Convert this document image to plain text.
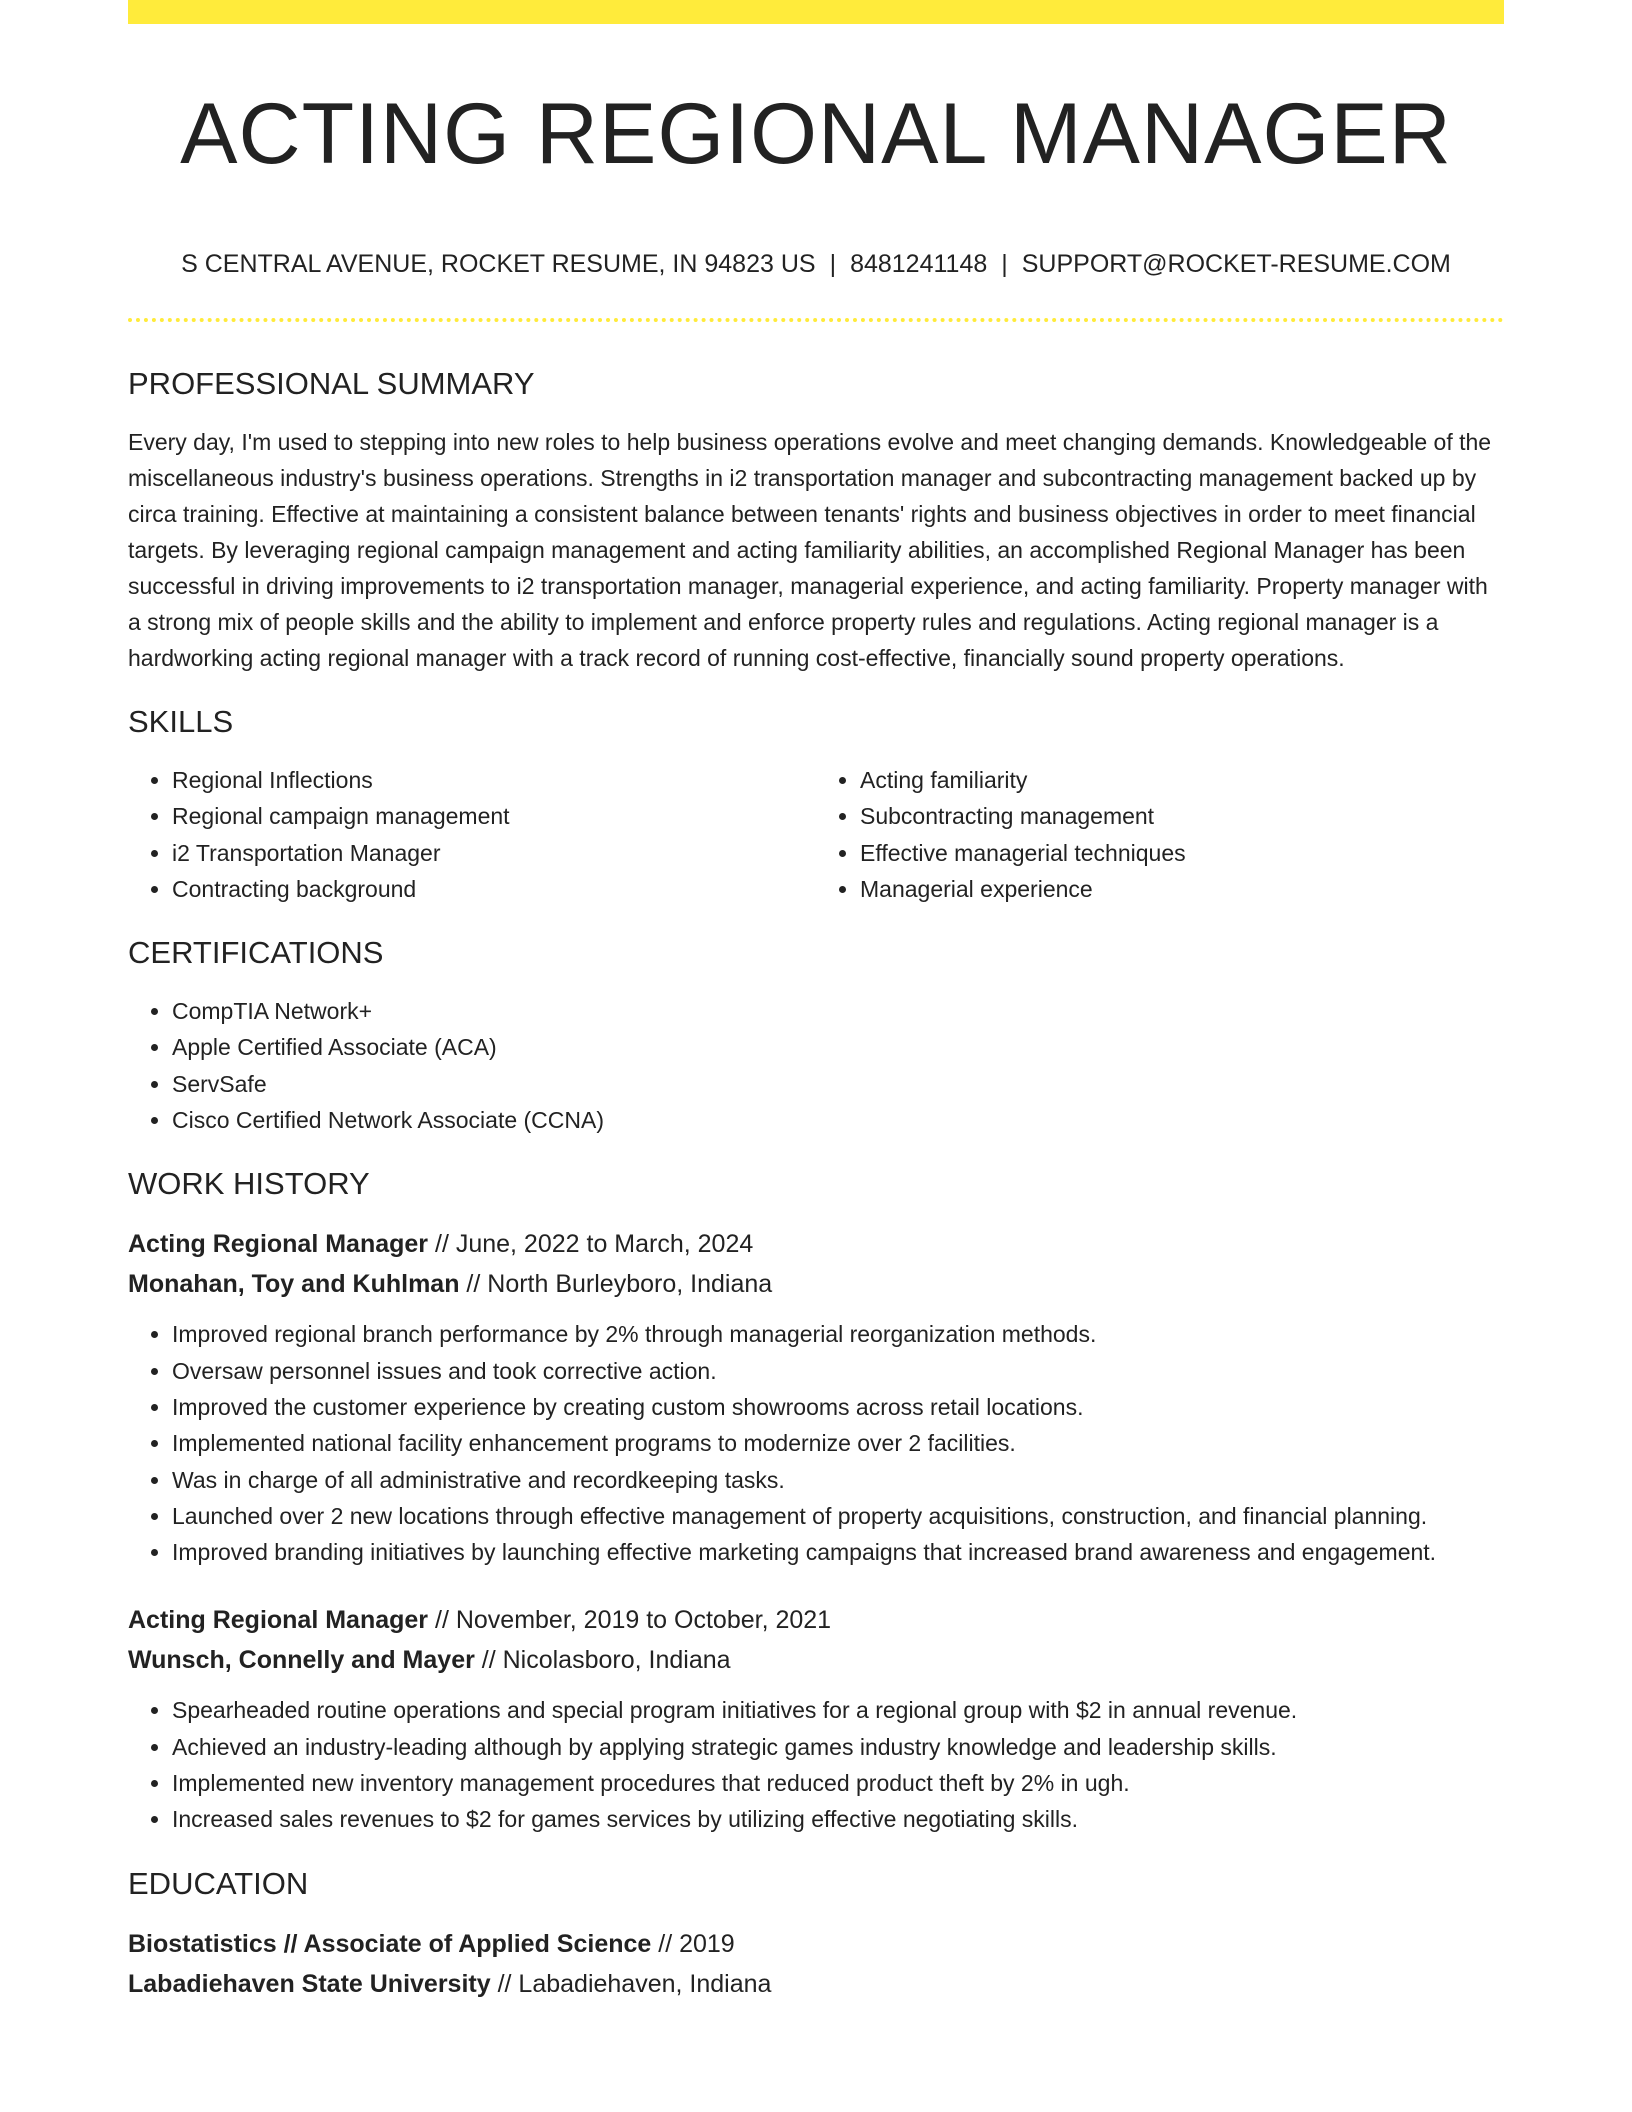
ACTING REGIONAL MANAGER
S CENTRAL AVENUE, ROCKET RESUME, IN 94823 US | 8481241148 | SUPPORT@ROCKET-RESUME.COM
PROFESSIONAL SUMMARY

Every day, I'm used to stepping into new roles to help business operations evolve and meet changing demands. Knowledgeable of the miscellaneous industry's business operations. Strengths in i2 transportation manager and subcontracting management backed up by circa training. Effective at maintaining a consistent balance between tenants' rights and business objectives in order to meet financial targets. By leveraging regional campaign management and acting familiarity abilities, an accomplished Regional Manager has been successful in driving improvements to i2 transportation manager, managerial experience, and acting familiarity. Property manager with a strong mix of people skills and the ability to implement and enforce property rules and regulations. Acting regional manager is a hardworking acting regional manager with a track record of running cost-effective, financially sound property operations.

SKILLS
• Regional Inflections
• Regional campaign management
• i2 Transportation Manager
• Contracting background
• Acting familiarity
• Subcontracting management
• Effective managerial techniques
• Managerial experience
CERTIFICATIONS
• CompTIA Network+
• Apple Certified Associate (ACA)
• ServSafe
• Cisco Certified Network Associate (CCNA)
WORK HISTORY
Acting Regional Manager // June, 2022 to March, 2024
Monahan, Toy and Kuhlman // North Burleyboro, Indiana
• Improved regional branch performance by 2% through managerial reorganization methods.
• Oversaw personnel issues and took corrective action.
• Improved the customer experience by creating custom showrooms across retail locations.
• Implemented national facility enhancement programs to modernize over 2 facilities.
• Was in charge of all administrative and recordkeeping tasks.
• Launched over 2 new locations through effective management of property acquisitions, construction, and financial planning.
• Improved branding initiatives by launching effective marketing campaigns that increased brand awareness and engagement.
Acting Regional Manager // November, 2019 to October, 2021
Wunsch, Connelly and Mayer // Nicolasboro, Indiana
• Spearheaded routine operations and special program initiatives for a regional group with $2 in annual revenue.
• Achieved an industry-leading although by applying strategic games industry knowledge and leadership skills.
• Implemented new inventory management procedures that reduced product theft by 2% in ugh.
• Increased sales revenues to $2 for games services by utilizing effective negotiating skills.
EDUCATION
Biostatistics // Associate of Applied Science // 2019
Labadiehaven State University // Labadiehaven, Indiana
